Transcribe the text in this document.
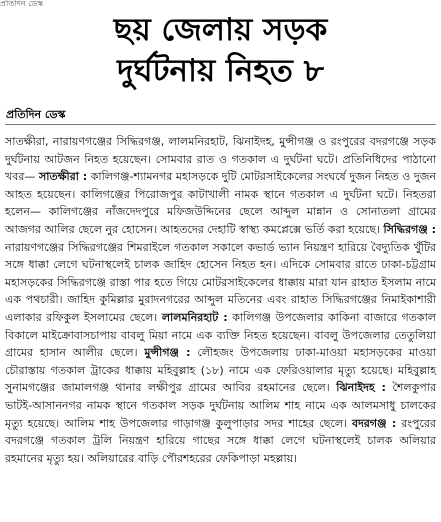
প্রতিদিন ডেস্ক
ছয় জেলায় সড়ক
দুর্ঘটনায় নিহত ৮
প্রতিদিন ডেস্ক
সাতক্ষীরা, নারায়ণগঞ্জের সিদ্ধিরগঞ্জ, লালমনিরহাট, ঝিনাইদহ, মুন্সীগঞ্জ ও রংপুরের বদরগঞ্জে সড়ক দুর্ঘটনায় আটজন নিহত হয়েছেন। সোমবার রাত ও গতকাল এ দুর্ঘটনা ঘটে। প্রতিনিধিদের পাঠানো খবর— সাতক্ষীরা : কালিগঞ্জ-শ্যামনগর মহাসড়কে দুটি মোটরসাইকেলের সংঘর্ষে দুজন নিহত ও দুজন আহত হয়েছেন। কালিগঞ্জের পিরোজপুর কাটাখালী নামক স্থানে গতকাল এ দুর্ঘটনা ঘটে। নিহতরা হলেন— কালিগঞ্জের নাঁজদেদপুরে মফিজউদ্দিনের ছেলে আব্দুল মান্নান ও সোনাতলা গ্রামের আজগর আলির ছেলে নুর হোসেন। আহতদের দেহাটি স্বাস্থ্য কমপ্লেক্সে ভর্তি করা হয়েছে। সিদ্ধিরগঞ্জ : নারায়ণগঞ্জের সিদ্ধিরগঞ্জের শিমরাইলে গতকাল সকালে কভার্ড ভ্যান নিয়ন্ত্রণ হারিয়ে বৈদ্যুতিক খুঁটির সঙ্গে ধাক্কা লেগে ঘটনাস্থলেই চালক জাহিদ হোসেন নিহত হন। এদিকে সোমবার রাতে ঢাকা-চট্টগ্রাম মহাসড়কের সিদ্ধিরগঞ্জে রাস্তা পার হতে গিয়ে মোটরসাইকেলের ধাক্কায় মারা যান রাহাত ইসলাম নামে এক পথচারী। জাহিদ কুমিল্লার মুরাদনগরের আব্দুল মতিনের এবং রাহাত সিদ্ধিরগঞ্জের নিমাইকাশারী এলাকার রফিকুল ইসলামের ছেলে। লালমনিরহাট : কালিগঞ্জ উপজেলার কাকিনা বাজারে গতকাল বিকালে মাইক্রোবাসচাপায় বাবলু মিয়া নামে এক ব্যক্তি নিহত হয়েছেন। বাবলু উপজেলার তেতুলিয়া গ্রামের হাসান আলীর ছেলে। মুন্সীগঞ্জ : লৌহজং উপজেলায় ঢাকা-মাওয়া মহাসড়কের মাওয়া চৌরাস্তায় গতকাল ট্রাকের ধাক্কায় মহিবুল্লাহ (১৮) নামে এক ফেরিওয়ালার মৃত্যু হয়েছে। মহিবুল্লাহ সুনামগঞ্জের জামালগঞ্জ থানার লক্ষীপুর গ্রামের আবির রহমানের ছেলে। ঝিনাইদহ : শৈলকুপার ভাটই-আসাননগর নামক স্থানে গতকাল সড়ক দুর্ঘটনায় আলিম শাহ নামে এক আলমসাধু চালকের মৃত্যু হয়েছে। আলিম শাহ উপজেলার গাড়াগঞ্জ কুলুপাড়ার সদর শাহের ছেলে। বদরগঞ্জ : রংপুরের বদরগঞ্জে গতকাল ট্রলি নিয়ন্ত্রণ হারিয়ে গাছের সঙ্গে ধাক্কা লেগে ঘটনাস্থলেই চালক অলিয়ার রহমানের মৃত্যু হয়। অলিয়ারের বাড়ি পৌরশহরের ফেকিপাড়া মহল্লায়।
